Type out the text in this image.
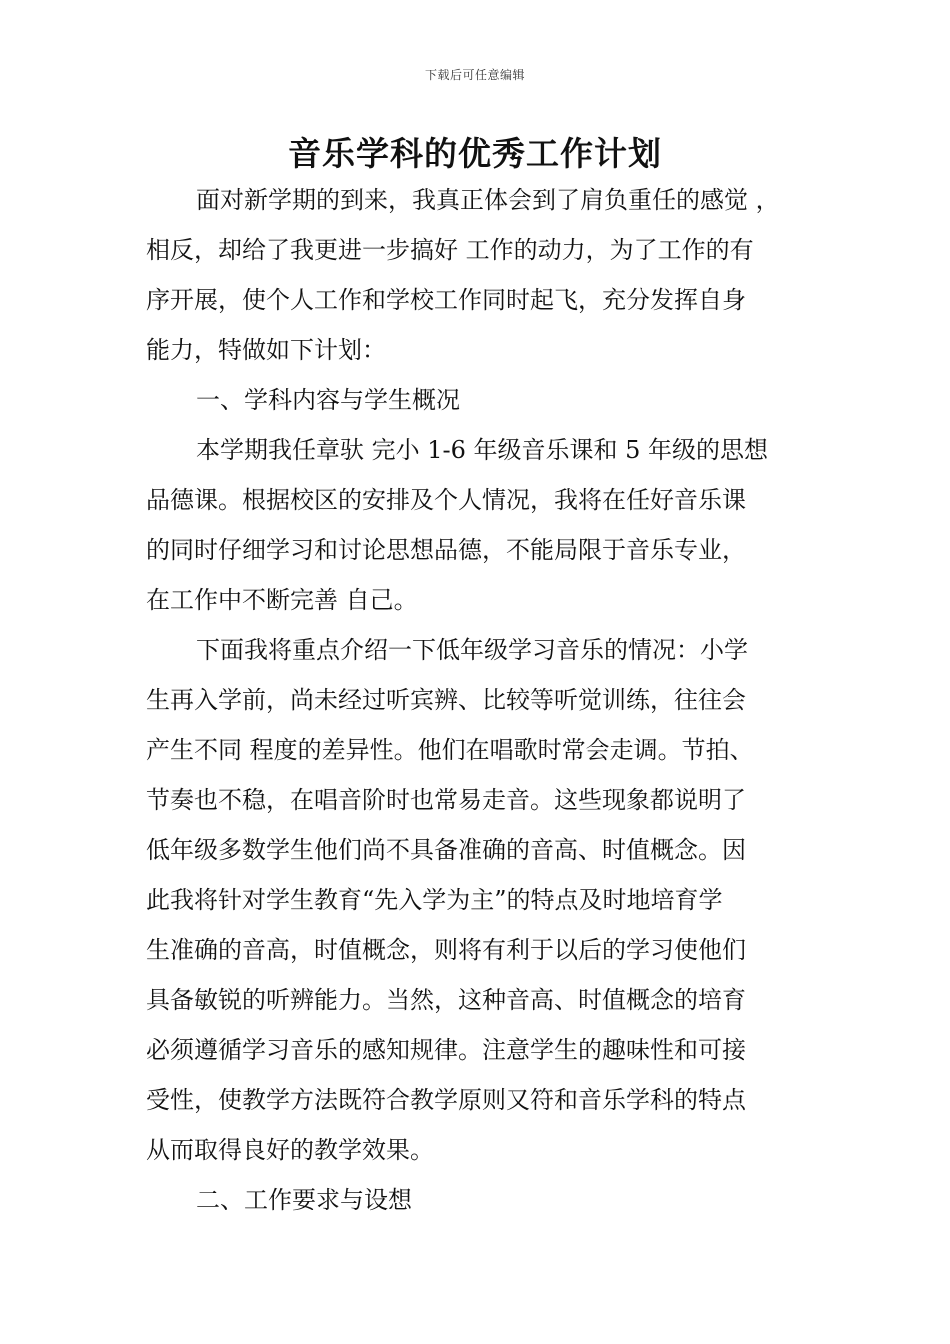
下载后可任意编辑
音乐学科的优秀工作计划
面对新学期的到来，我真正体会到了肩负重任的感觉 ，
相反，却给了我更进一步搞好 工作的动力，为了工作的有
序开展，使个人工作和学校工作同时起飞，充分发挥自身
能力，特做如下计划：
一、学科内容与学生概况
本学期我任章驮 完小 1-6 年级音乐课和 5 年级的思想
品德课。根据校区的安排及个人情况，我将在任好音乐课
的同时仔细学习和讨论思想品德，不能局限于音乐专业，
在工作中不断完善 自己。
下面我将重点介绍一下低年级学习音乐的情况：小学
生再入学前，尚未经过听宾辨、比较等听觉训练，往往会
产生不同 程度的差异性。他们在唱歌时常会走调。节拍、
节奏也不稳，在唱音阶时也常易走音。这些现象都说明了
低年级多数学生他们尚不具备准确的音高、时值概念。因
此我将针对学生教育“先入学为主”的特点及时地培育学
生准确的音高，时值概念，则将有利于以后的学习使他们
具备敏锐的听辨能力。当然，这种音高、时值概念的培育
必须遵循学习音乐的感知规律。注意学生的趣味性和可接
受性，使教学方法既符合教学原则又符和音乐学科的特点
从而取得良好的教学效果。
二、工作要求与设想
